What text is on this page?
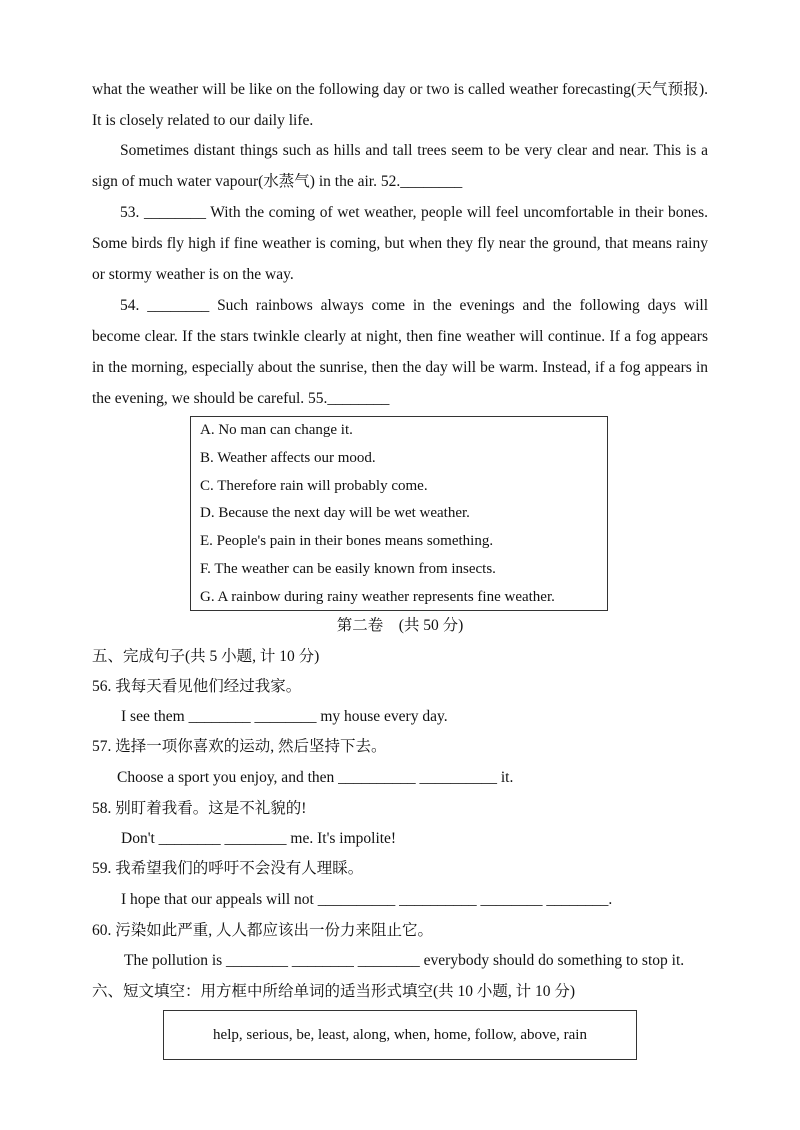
what the weather will be like on the following day or two is called weather forecasting(天气预报). It is closely related to our daily life.

Sometimes distant things such as hills and tall trees seem to be very clear and near. This is a sign of much water vapour(水蒸气) in the air. 52.________

53. ________ With the coming of wet weather, people will feel uncomfortable in their bones. Some birds fly high if fine weather is coming, but when they fly near the ground, that means rainy or stormy weather is on the way.

54. ________ Such rainbows always come in the evenings and the following days will become clear. If the stars twinkle clearly at night, then fine weather will continue. If a fog appears in the morning, especially about the sunrise, then the day will be warm. Instead, if a fog appears in the evening, we should be careful. 55.________

A. No man can change it.
B. Weather affects our mood.
C. Therefore rain will probably come.
D. Because the next day will be wet weather.
E. People's pain in their bones means something.
F. The weather can be easily known from insects.
G. A rainbow during rainy weather represents fine weather.
第二卷　(共 50 分)
五、完成句子(共 5 小题, 计 10 分)
56. 我每天看见他们经过我家。
I see them ________ ________ my house every day.
57. 选择一项你喜欢的运动, 然后坚持下去。
Choose a sport you enjoy, and then __________ __________ it.
58. 别盯着我看。这是不礼貌的!
Don't ________ ________ me. It's impolite!
59. 我希望我们的呼吁不会没有人理睬。
I hope that our appeals will not __________ __________ ________ ________.
60. 污染如此严重, 人人都应该出一份力来阻止它。
The pollution is ________ ________ ________ everybody should do something to stop it.
六、短文填空：用方框中所给单词的适当形式填空(共 10 小题, 计 10 分)
help, serious, be, least, along, when, home, follow, above, rain
